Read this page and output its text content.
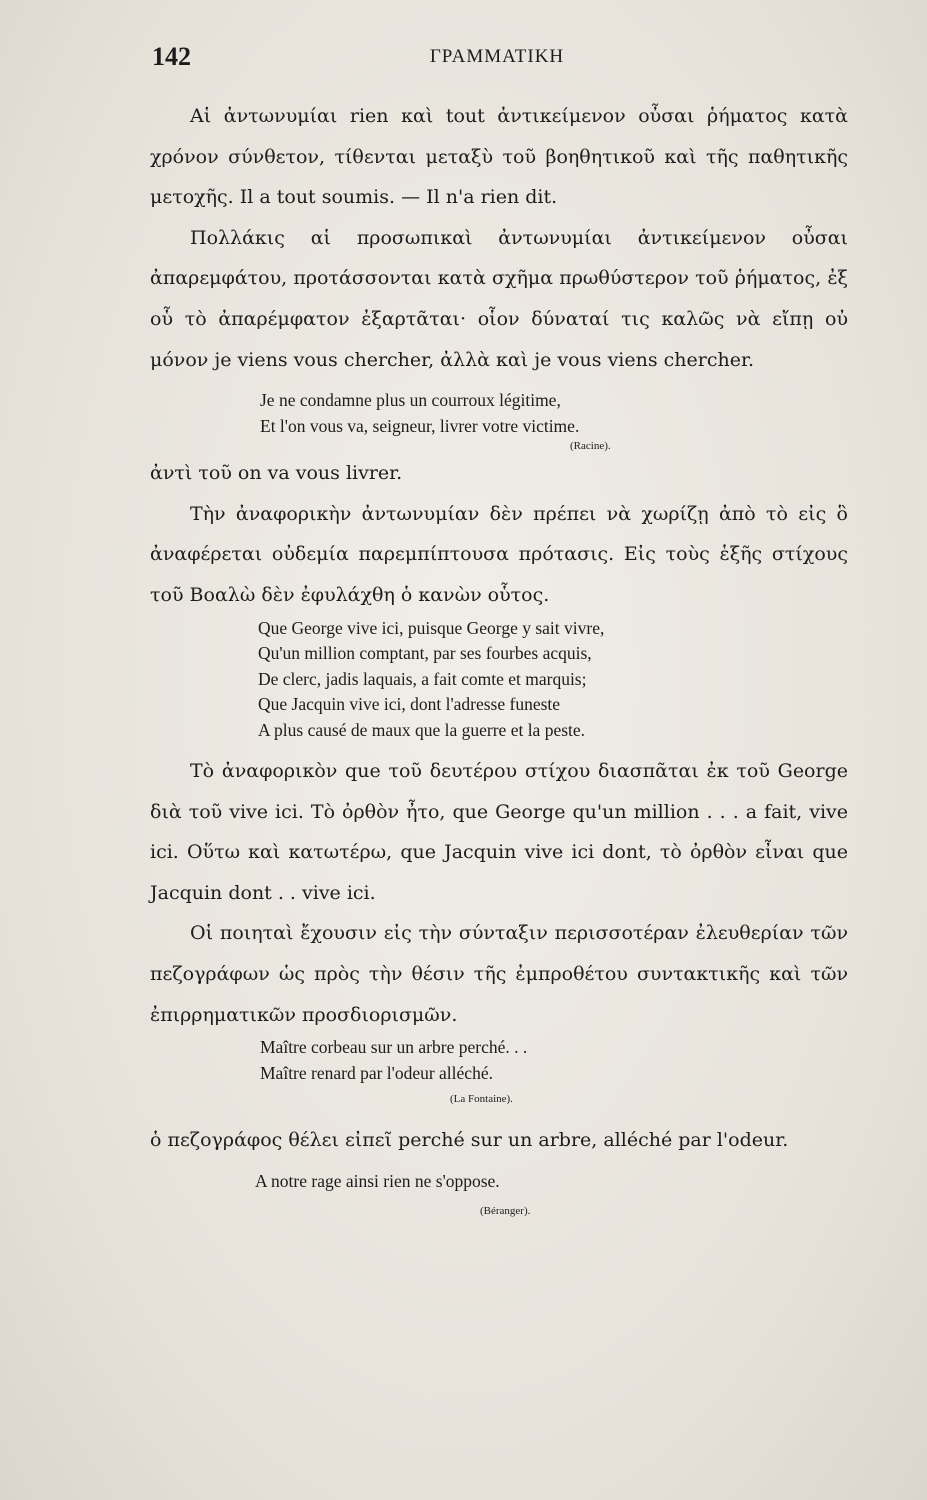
142	ΓΡΑΜΜΑΤΙΚΗ

Αἱ ἀντωνυμίαι rien καὶ tout ἀντικείμενον οὖσαι ῥήματος κατὰ χρόνον σύνθετον, τίθενται μεταξὺ τοῦ βοηθητικοῦ καὶ τῆς παθητικῆς μετοχῆς. Il a tout soumis. — Il n'a rien dit.

Πολλάκις αἱ προσωπικαὶ ἀντωνυμίαι ἀντικείμενον οὖσαι ἀπαρεμφάτου, προτάσσονται κατὰ σχῆμα πρωθύστερον τοῦ ῥήματος, ἐξ οὗ τὸ ἀπαρέμφατον ἐξαρτᾶται· οἷον δύναταί τις καλῶς νὰ εἴπῃ οὐ μόνον je viens vous chercher, ἀλλὰ καὶ je vous viens chercher.

Je ne condamne plus un courroux légitime,
Et l'on vous va, seigneur, livrer votre victime.

(Racine).

ἀντὶ τοῦ on va vous livrer.

Τὴν ἀναφορικὴν ἀντωνυμίαν δὲν πρέπει νὰ χωρίζῃ ἀπὸ τὸ εἰς ὃ ἀναφέρεται οὐδεμία παρεμπίπτουσα πρότασις. Εἰς τοὺς ἑξῆς στίχους τοῦ Βοαλὼ δὲν ἐφυλάχθη ὁ κανὼν οὗτος.

Que George vive ici, puisque George y sait vivre,
Qu'un million comptant, par ses fourbes acquis,
De clerc, jadis laquais, a fait comte et marquis;
Que Jacquin vive ici, dont l'adresse funeste
A plus causé de maux que la guerre et la peste.

Τὸ ἀναφορικὸν que τοῦ δευτέρου στίχου διασπᾶται ἐκ τοῦ George διὰ τοῦ vive ici. Τὸ ὀρθὸν ἦτο, que George qu'un million . . . a fait, vive ici. Οὕτω καὶ κατωτέρω, que Jacquin vive ici dont, τὸ ὀρθὸν εἶναι que Jacquin dont . . vive ici.

Οἱ ποιηταὶ ἔχουσιν εἰς τὴν σύνταξιν περισσοτέραν ἐλευθερίαν τῶν πεζογράφων ὡς πρὸς τὴν θέσιν τῆς ἐμπροθέτου συντακτικῆς καὶ τῶν ἐπιρρηματικῶν προσδιορισμῶν.

Maître corbeau sur un arbre perché. . .
Maître renard par l'odeur alléché.

(La Fontaine).

ὁ πεζογράφος θέλει εἰπεῖ perché sur un arbre, alléché par l'odeur.

A notre rage ainsi rien ne s'oppose.

(Béranger).
